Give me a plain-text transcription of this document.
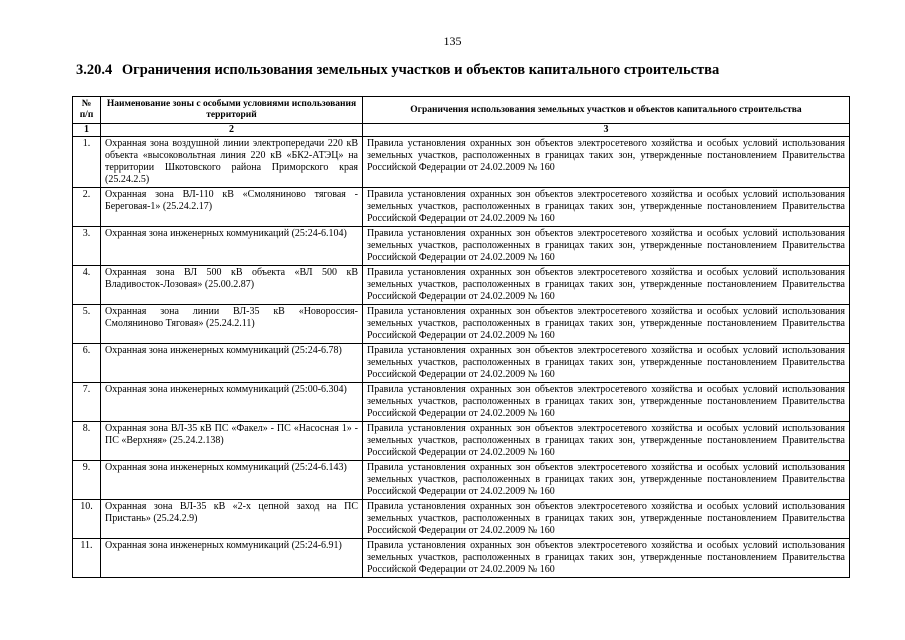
135
3.20.4 Ограничения использования земельных участков и объектов капитального строительства
№ п/п	Наименование зоны с особыми условиями использования территорий	Ограничения использования земельных участков и объектов капитального строительства
1	2	3
1.	Охранная зона воздушной линии электропередачи 220 кВ объекта «высоковольтная линия 220 кВ «БК2-АТЭЦ» на территории Шкотовского района Приморского края (25.24.2.5)	Правила установления охранных зон объектов электросетевого хозяйства и особых условий использования земельных участков, расположенных в границах таких зон, утвержденные постановлением Правительства Российской Федерации от 24.02.2009 № 160
2.	Охранная зона ВЛ-110 кВ «Смоляниново тяговая - Береговая-1» (25.24.2.17)	Правила установления охранных зон объектов электросетевого хозяйства и особых условий использования земельных участков, расположенных в границах таких зон, утвержденные постановлением Правительства Российской Федерации от 24.02.2009 № 160
3.	Охранная зона инженерных коммуникаций (25:24-6.104)	Правила установления охранных зон объектов электросетевого хозяйства и особых условий использования земельных участков, расположенных в границах таких зон, утвержденные постановлением Правительства Российской Федерации от 24.02.2009 № 160
4.	Охранная зона ВЛ 500 кВ объекта «ВЛ 500 кВ Владивосток-Лозовая» (25.00.2.87)	Правила установления охранных зон объектов электросетевого хозяйства и особых условий использования земельных участков, расположенных в границах таких зон, утвержденные постановлением Правительства Российской Федерации от 24.02.2009 № 160
5.	Охранная зона линии ВЛ-35 кВ «Новороссия-Смоляниново Тяговая» (25.24.2.11)	Правила установления охранных зон объектов электросетевого хозяйства и особых условий использования земельных участков, расположенных в границах таких зон, утвержденные постановлением Правительства Российской Федерации от 24.02.2009 № 160
6.	Охранная зона инженерных коммуникаций (25:24-6.78)	Правила установления охранных зон объектов электросетевого хозяйства и особых условий использования земельных участков, расположенных в границах таких зон, утвержденные постановлением Правительства Российской Федерации от 24.02.2009 № 160
7.	Охранная зона инженерных коммуникаций (25:00-6.304)	Правила установления охранных зон объектов электросетевого хозяйства и особых условий использования земельных участков, расположенных в границах таких зон, утвержденные постановлением Правительства Российской Федерации от 24.02.2009 № 160
8.	Охранная зона ВЛ-35 кВ ПС «Факел» - ПС «Насосная 1» - ПС «Верхняя» (25.24.2.138)	Правила установления охранных зон объектов электросетевого хозяйства и особых условий использования земельных участков, расположенных в границах таких зон, утвержденные постановлением Правительства Российской Федерации от 24.02.2009 № 160
9.	Охранная зона инженерных коммуникаций (25:24-6.143)	Правила установления охранных зон объектов электросетевого хозяйства и особых условий использования земельных участков, расположенных в границах таких зон, утвержденные постановлением Правительства Российской Федерации от 24.02.2009 № 160
10.	Охранная зона ВЛ-35 кВ «2-х цепной заход на ПС Пристань» (25.24.2.9)	Правила установления охранных зон объектов электросетевого хозяйства и особых условий использования земельных участков, расположенных в границах таких зон, утвержденные постановлением Правительства Российской Федерации от 24.02.2009 № 160
11.	Охранная зона инженерных коммуникаций (25:24-6.91)	Правила установления охранных зон объектов электросетевого хозяйства и особых условий использования земельных участков, расположенных в границах таких зон, утвержденные постановлением Правительства Российской Федерации от 24.02.2009 № 160
